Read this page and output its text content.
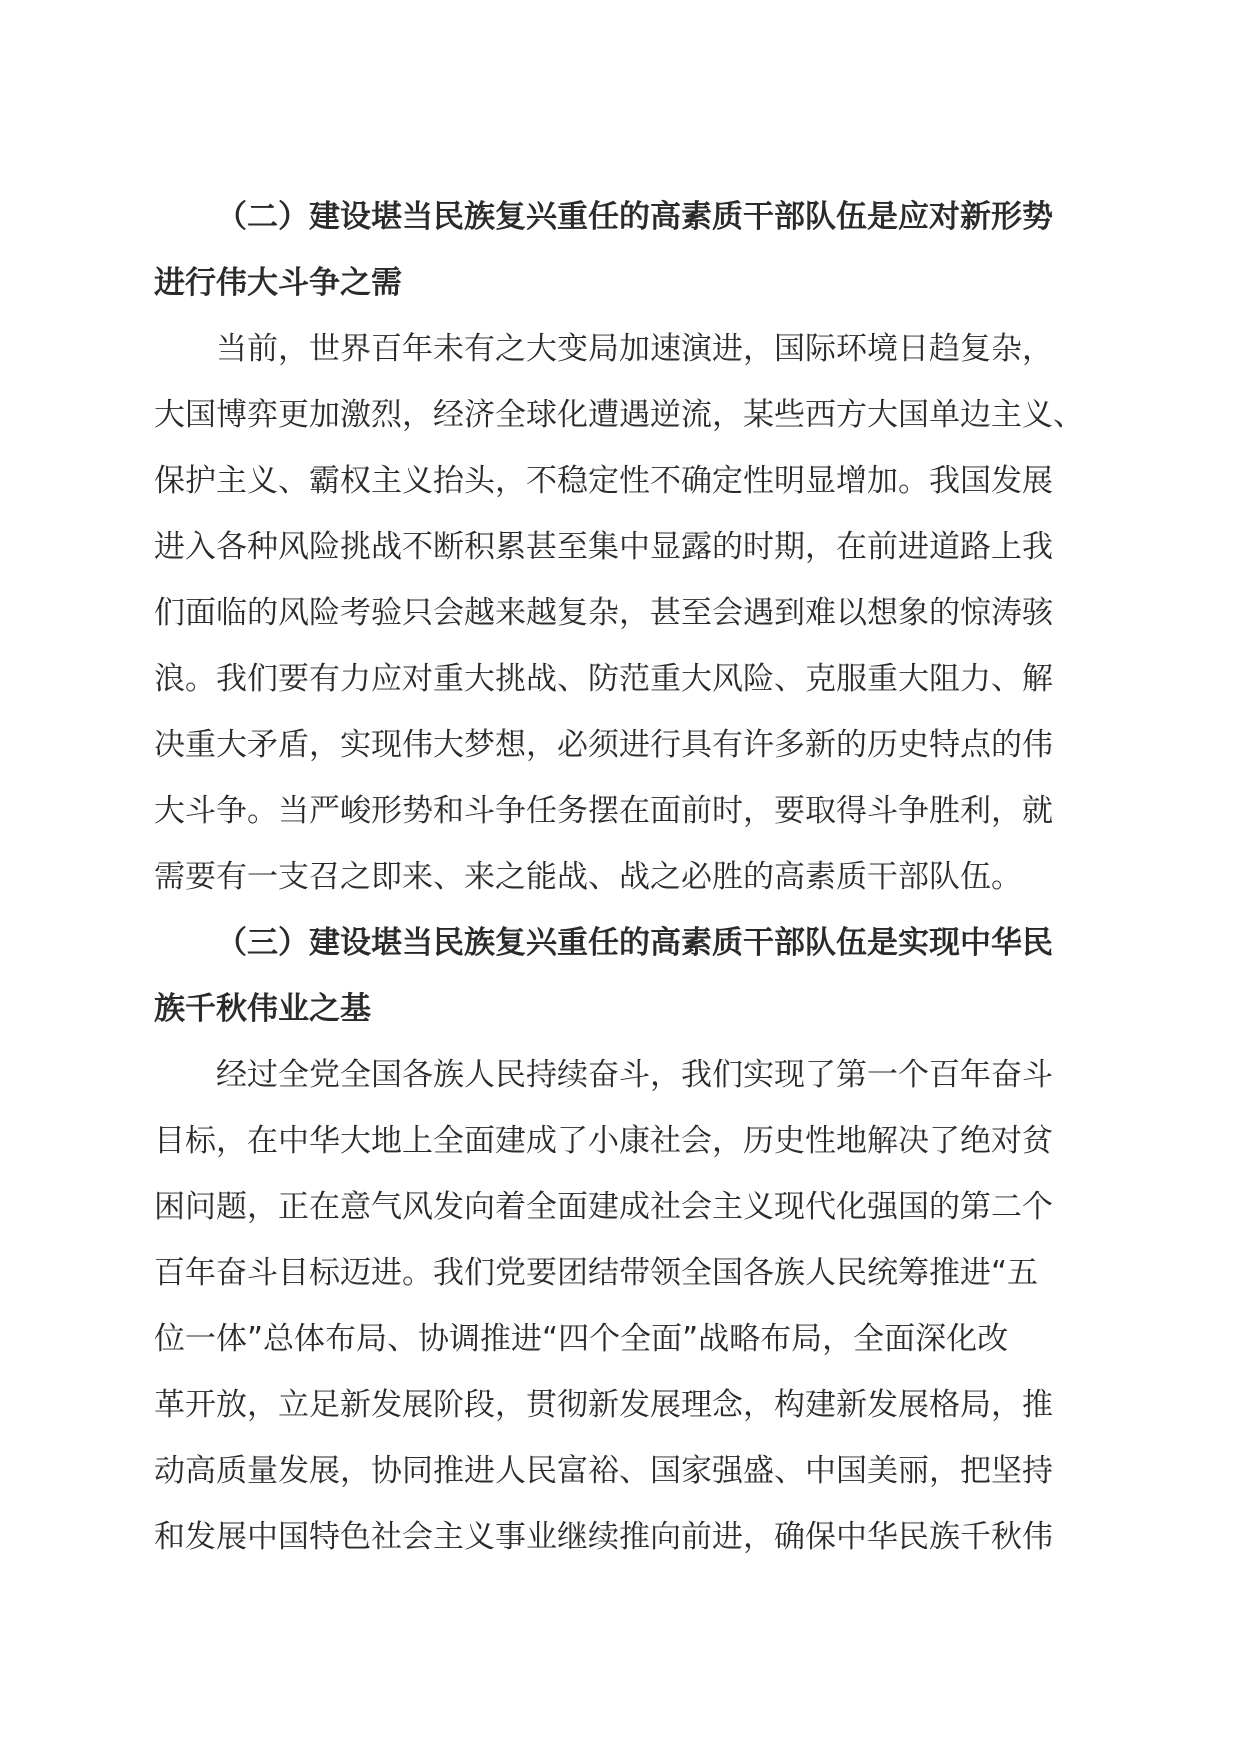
（二）建设堪当民族复兴重任的高素质干部队伍是应对新形势
进行伟大斗争之需
当前，世界百年未有之大变局加速演进，国际环境日趋复杂，
大国博弈更加激烈，经济全球化遭遇逆流，某些西方大国单边主义、
保护主义、霸权主义抬头，不稳定性不确定性明显增加。我国发展
进入各种风险挑战不断积累甚至集中显露的时期，在前进道路上我
们面临的风险考验只会越来越复杂，甚至会遇到难以想象的惊涛骇
浪。我们要有力应对重大挑战、防范重大风险、克服重大阻力、解
决重大矛盾，实现伟大梦想，必须进行具有许多新的历史特点的伟
大斗争。当严峻形势和斗争任务摆在面前时，要取得斗争胜利，就
需要有一支召之即来、来之能战、战之必胜的高素质干部队伍。
（三）建设堪当民族复兴重任的高素质干部队伍是实现中华民
族千秋伟业之基
经过全党全国各族人民持续奋斗，我们实现了第一个百年奋斗
目标，在中华大地上全面建成了小康社会，历史性地解决了绝对贫
困问题，正在意气风发向着全面建成社会主义现代化强国的第二个
百年奋斗目标迈进。我们党要团结带领全国各族人民统筹推进“五
位一体”总体布局、协调推进“四个全面”战略布局，全面深化改
革开放，立足新发展阶段，贯彻新发展理念，构建新发展格局，推
动高质量发展，协同推进人民富裕、国家强盛、中国美丽，把坚持
和发展中国特色社会主义事业继续推向前进，确保中华民族千秋伟
